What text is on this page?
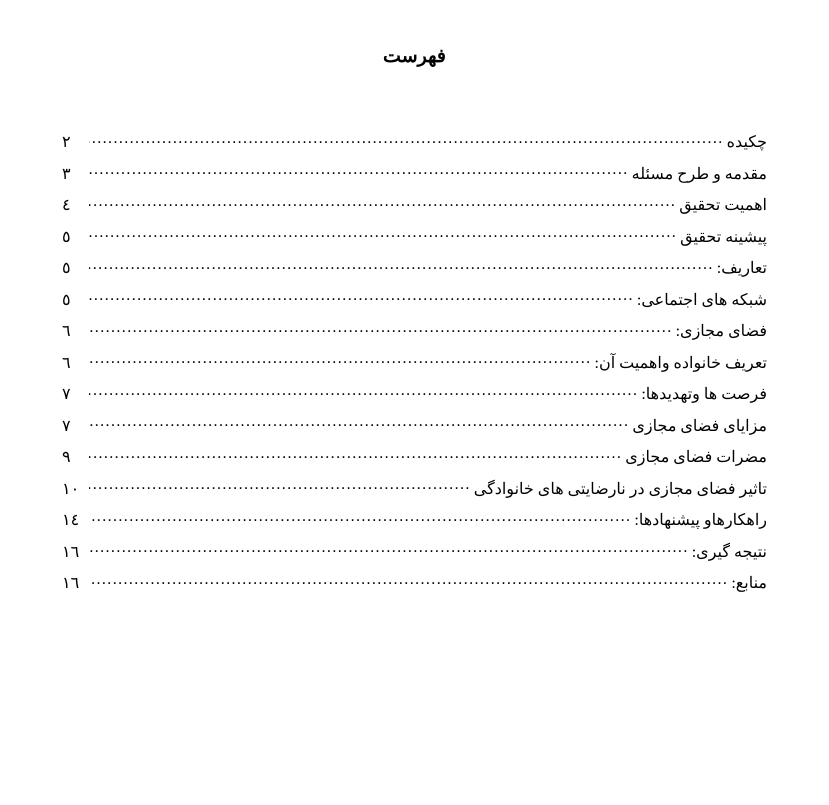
فهرست
چکیده
.....
٢
مقدمه و طرح مسئله
.....
٣
اهمیت تحقیق
.....
٤
پیشینه تحقیق
.....
٥
تعاریف:
.....
٥
شبکه های اجتماعی:
.....
٥
فضای مجازی:
.....
٦
تعریف خانواده واهمیت آن:
.....
٦
فرصت ها وتهدیدها:
.....
٧
مزایای فضای مجازی
.....
٧
مضرات فضای مجازی
.....
٩
تاثیر فضای مجازی در نارضایتی های خانوادگی
.....
١٠
راهکارهاو پیشنهادها:
.....
١٤
نتیجه گیری:
.....
١٦
منابع:
.....
١٦
